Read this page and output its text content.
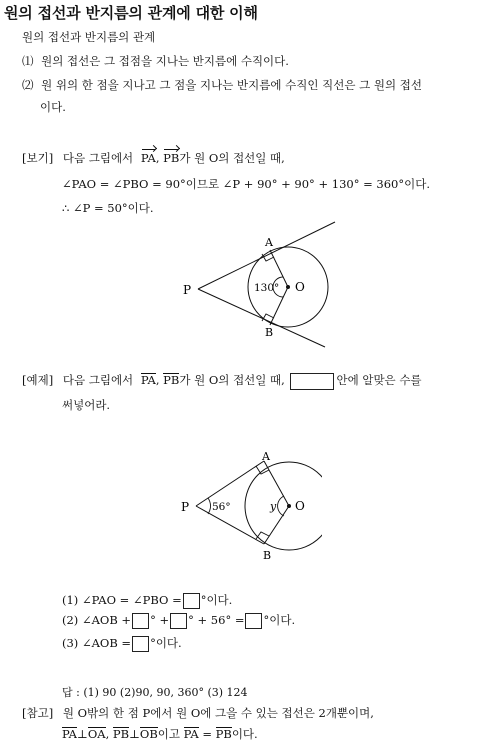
원의 접선과 반지름의 관계에 대한 이해
원의 접선과 반지름의 관계
⑴ 원의 접선은 그 접점을 지나는 반지름에 수직이다.
⑵ 원 위의 한 점을 지나고 그 점을 지나는 반지름에 수직인 직선은 그 원의 접선
이다.
[보기] 다음 그림에서 PA, PB가 원 O의 접선일 때,
∠PAO = ∠PBO = 90°이므로 ∠P + 90° + 90° + 130° = 360°이다.
∴ ∠P = 50°이다.
A
P	O
B
130°
[예제] 다음 그림에서 PA, PB가 원 O의 접선일 때,	안에 알맞은 수를
써넣어라.
A
P	O
B
56°	y
(1) ∠PAO = ∠PBO = °이다.
(2) ∠AOB + ° + ° + 56° = °이다.
(3) ∠AOB = °이다.
답 : (1) 90 (2)90, 90, 360° (3) 124
[참고] 원 O밖의 한 점 P에서 원 O에 그을 수 있는 접선은 2개뿐이며,
PA⊥OA, PB⊥OB이고 PA = PB이다.
